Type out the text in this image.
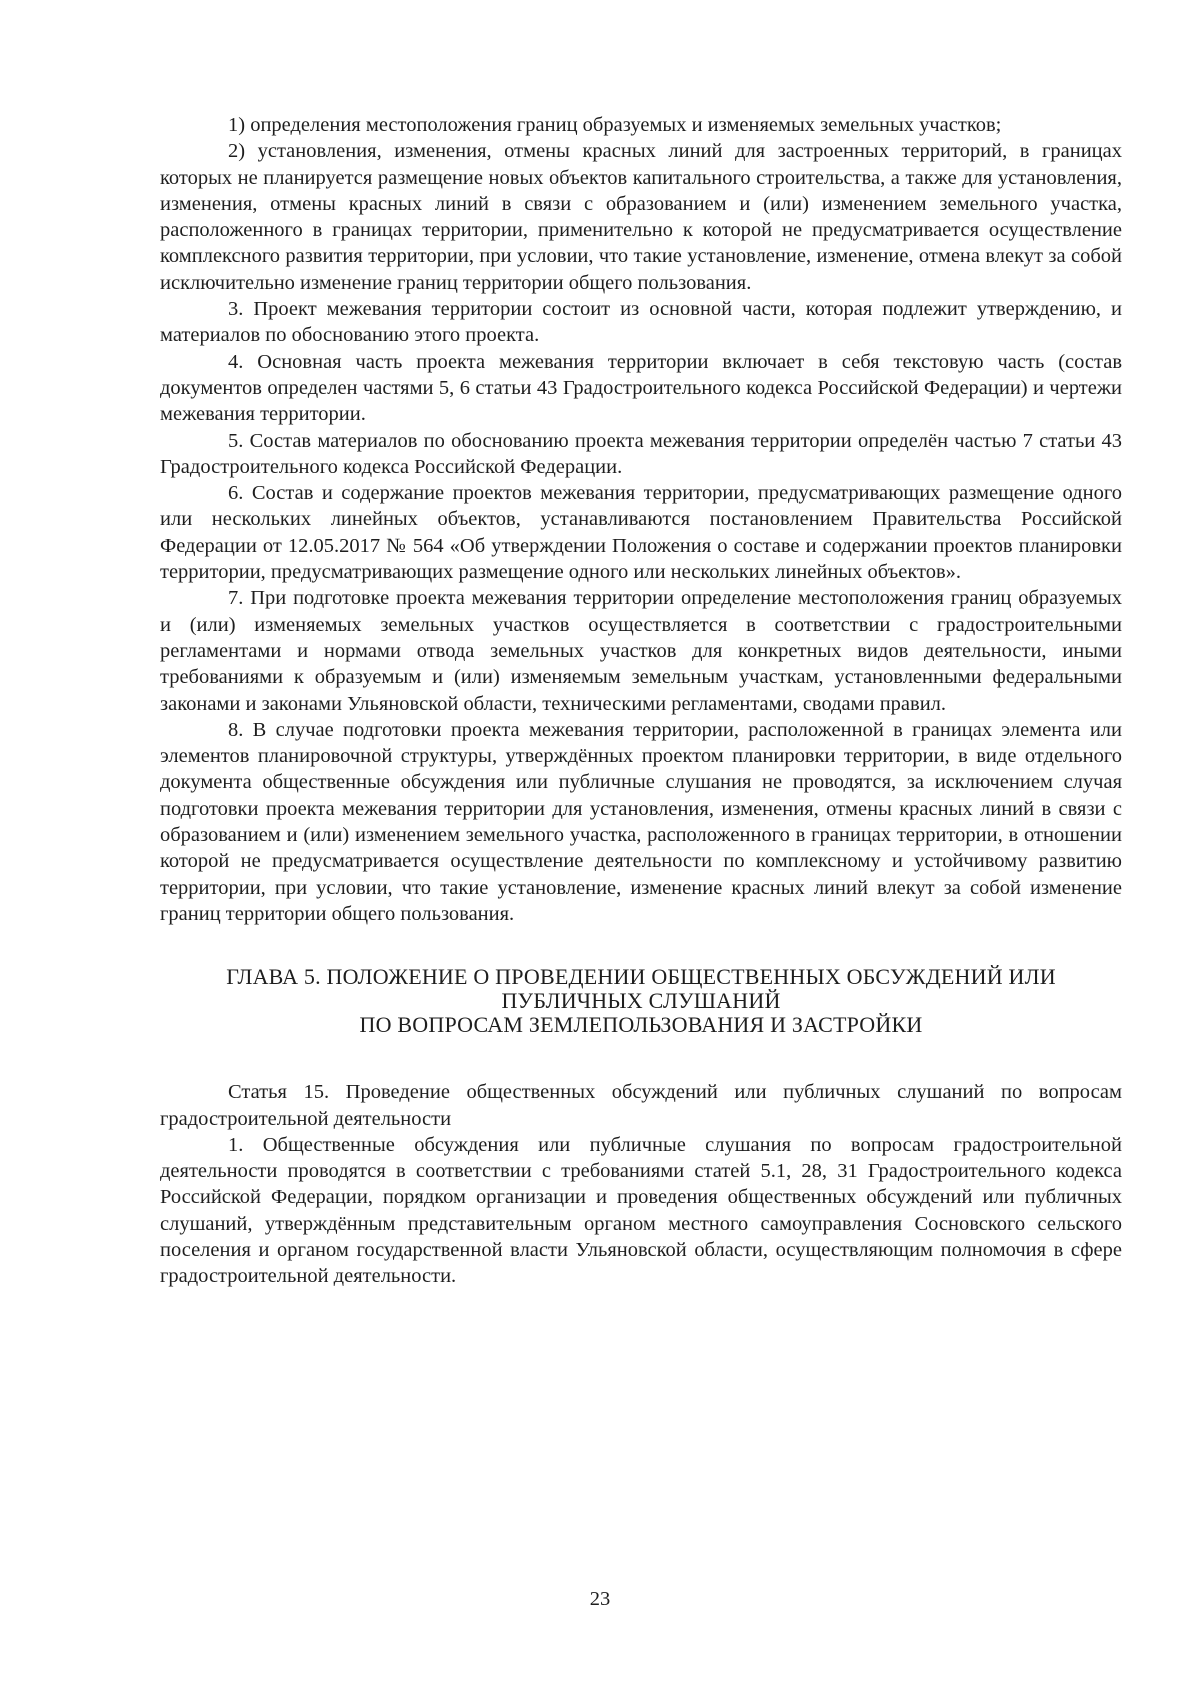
1) определения местоположения границ образуемых и изменяемых земельных участков;

2) установления, изменения, отмены красных линий для застроенных территорий, в границах которых не планируется размещение новых объектов капитального строительства, а также для установления, изменения, отмены красных линий в связи с образованием и (или) изменением земельного участка, расположенного в границах территории, применительно к которой не предусматривается осуществление комплексного развития территории, при условии, что такие установление, изменение, отмена влекут за собой исключительно изменение границ территории общего пользования.

3. Проект межевания территории состоит из основной части, которая подлежит утверждению, и материалов по обоснованию этого проекта.

4. Основная часть проекта межевания территории включает в себя текстовую часть (состав документов определен частями 5, 6 статьи 43 Градостроительного кодекса Российской Федерации) и чертежи межевания территории.

5. Состав материалов по обоснованию проекта межевания территории определён частью 7 статьи 43 Градостроительного кодекса Российской Федерации.

6. Состав и содержание проектов межевания территории, предусматривающих размещение одного или нескольких линейных объектов, устанавливаются постановлением Правительства Российской Федерации от 12.05.2017 № 564 «Об утверждении Положения о составе и содержании проектов планировки территории, предусматривающих размещение одного или нескольких линейных объектов».

7. При подготовке проекта межевания территории определение местоположения границ образуемых и (или) изменяемых земельных участков осуществляется в соответствии с градостроительными регламентами и нормами отвода земельных участков для конкретных видов деятельности, иными требованиями к образуемым и (или) изменяемым земельным участкам, установленными федеральными законами и законами Ульяновской области, техническими регламентами, сводами правил.

8. В случае подготовки проекта межевания территории, расположенной в границах элемента или элементов планировочной структуры, утверждённых проектом планировки территории, в виде отдельного документа общественные обсуждения или публичные слушания не проводятся, за исключением случая подготовки проекта межевания территории для установления, изменения, отмены красных линий в связи с образованием и (или) изменением земельного участка, расположенного в границах территории, в отношении которой не предусматривается осуществление деятельности по комплексному и устойчивому развитию территории, при условии, что такие установление, изменение красных линий влекут за собой изменение границ территории общего пользования.

ГЛАВА 5. ПОЛОЖЕНИЕ О ПРОВЕДЕНИИ ОБЩЕСТВЕННЫХ ОБСУЖДЕНИЙ ИЛИ
ПУБЛИЧНЫХ СЛУШАНИЙ
ПО ВОПРОСАМ ЗЕМЛЕПОЛЬЗОВАНИЯ И ЗАСТРОЙКИ

Статья 15. Проведение общественных обсуждений или публичных слушаний по вопросам градостроительной деятельности

1. Общественные обсуждения или публичные слушания по вопросам градостроительной деятельности проводятся в соответствии с требованиями статей 5.1, 28, 31 Градостроительного кодекса Российской Федерации, порядком организации и проведения общественных обсуждений или публичных слушаний, утверждённым представительным органом местного самоуправления Сосновского сельского поселения и органом государственной власти Ульяновской области, осуществляющим полномочия в сфере градостроительной деятельности.

23
